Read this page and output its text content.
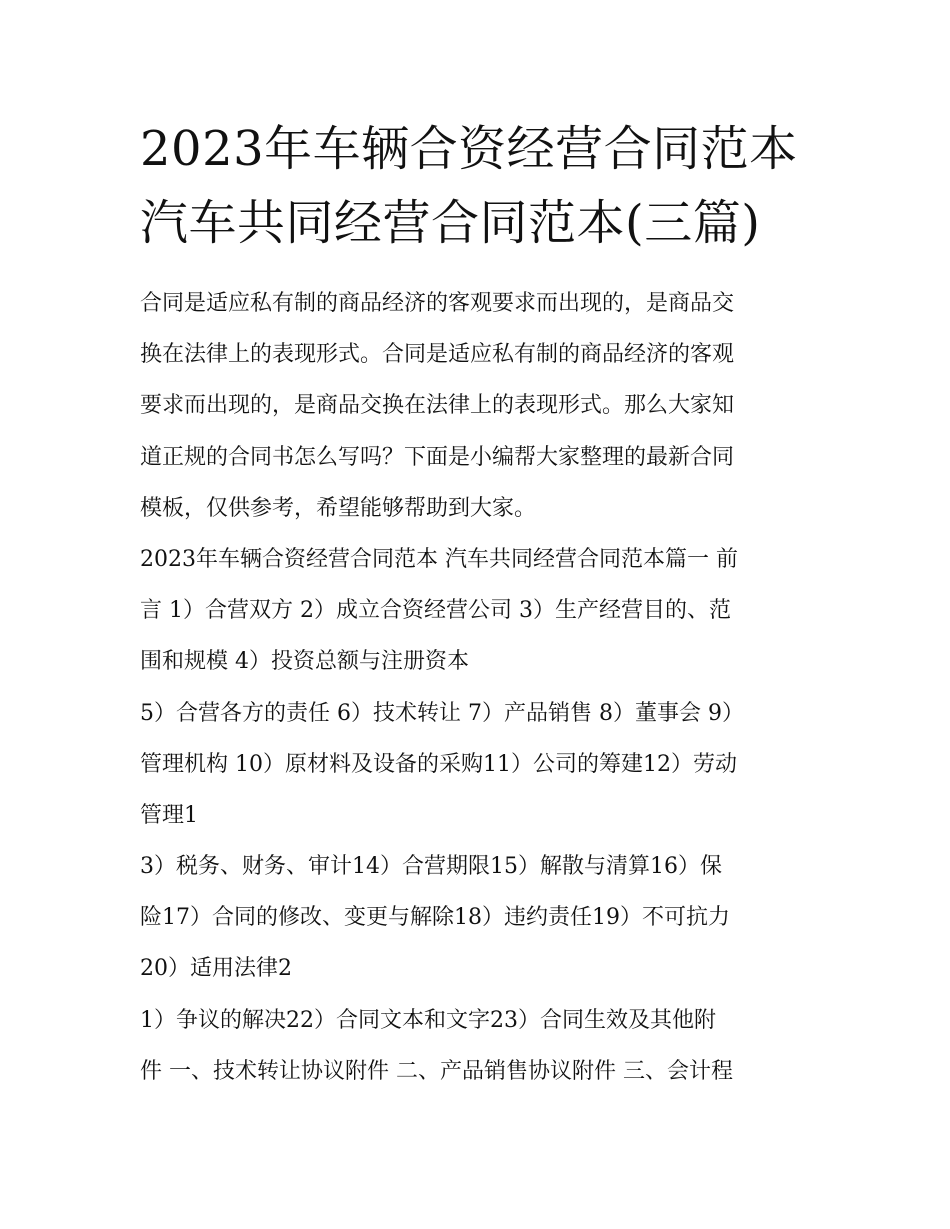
2023年车辆合资经营合同范本
汽车共同经营合同范本(三篇)
合同是适应私有制的商品经济的客观要求而出现的，是商品交
换在法律上的表现形式。合同是适应私有制的商品经济的客观
要求而出现的，是商品交换在法律上的表现形式。那么大家知
道正规的合同书怎么写吗？下面是小编帮大家整理的最新合同
模板，仅供参考，希望能够帮助到大家。
2023年车辆合资经营合同范本 汽车共同经营合同范本篇一 前
言 1）合营双方 2）成立合资经营公司 3）生产经营目的、范
围和规模 4）投资总额与注册资本
5）合营各方的责任 6）技术转让 7）产品销售 8）董事会 9）
管理机构 10）原材料及设备的采购11）公司的筹建12）劳动
管理1
3）税务、财务、审计14）合营期限15）解散与清算16）保
险17）合同的修改、变更与解除18）违约责任19）不可抗力
20）适用法律2
1）争议的解决22）合同文本和文字23）合同生效及其他附
件 一、技术转让协议附件 二、产品销售协议附件 三、会计程
